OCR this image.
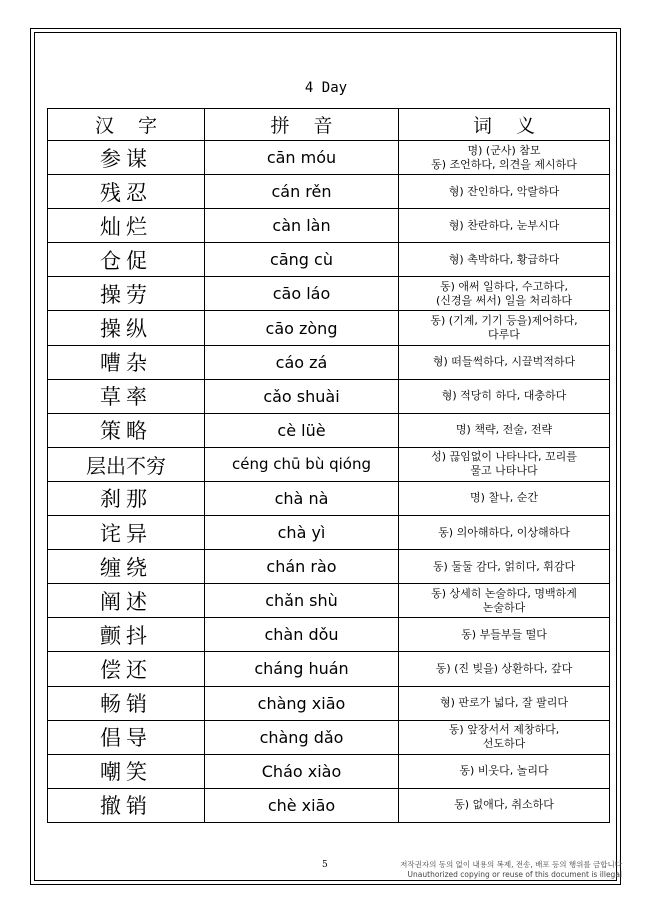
4 Day
汉字	拼音	词义
参谋	cān móu	명) (군사) 참모
동) 조언하다, 의견을 제시하다

残忍	cán rěn	형) 잔인하다, 악랄하다

灿烂	càn làn	형) 찬란하다, 눈부시다

仓促	cāng cù	형) 촉박하다, 황급하다

操劳	cāo láo	동) 애써 일하다, 수고하다,
(신경을 써서) 일을 처리하다

操纵	cāo zòng	동) (기계, 기기 등을)제어하다,
다루다

嘈杂	cáo zá	형) 떠들썩하다, 시끌벅적하다

草率	cǎo shuài	형) 적당히 하다, 대충하다

策略	cè lüè	명) 책략, 전술, 전략

层出不穷	céng chū bù qióng	성) 끊임없이 나타나다, 꼬리를
물고 나타나다

刹那	chà nà	명) 찰나, 순간

诧异	chà yì	동) 의아해하다, 이상해하다

缠绕	chán rào	동) 둘둘 감다, 얽히다, 휘감다

阐述	chǎn shù	동) 상세히 논술하다, 명백하게
논술하다

颤抖	chàn dǒu	동) 부들부들 떨다

偿还	cháng huán	동) (진 빚을) 상환하다, 갚다

畅销	chàng xiāo	형) 판로가 넓다, 잘 팔리다

倡导	chàng dǎo	동) 앞장서서 제창하다,
선도하다

嘲笑	Cháo xiào	동) 비웃다, 놀리다

撤销	chè xiāo	동) 없애다, 취소하다
5	저작권자의 동의 없이 내용의 복제, 전송, 배포 등의 행위를 금합니다
Unauthorized copying or reuse of this document is illegal
